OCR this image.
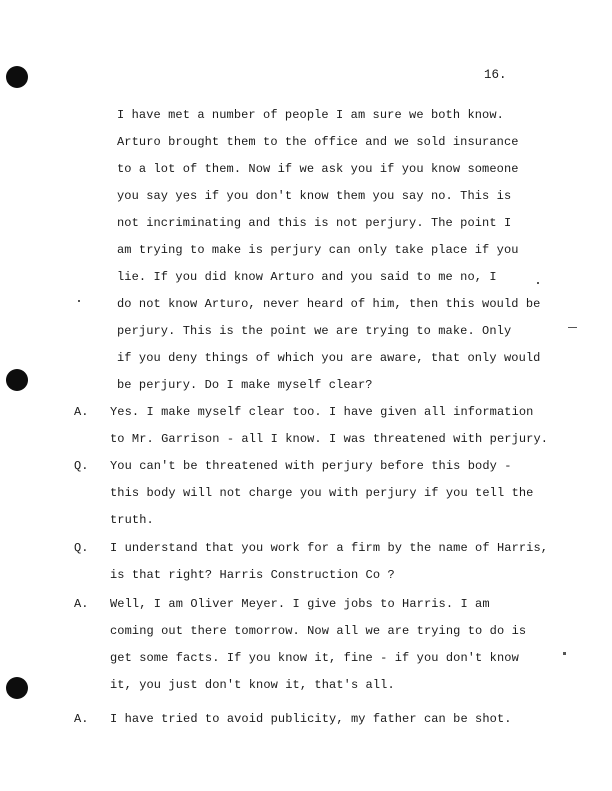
16.
I have met a number of people I am sure we both know.
Arturo brought them to the office and we sold insurance
to a lot of them. Now if we ask you if you know someone
you say yes if you don't know them you say no. This is
not incriminating and this is not perjury. The point I
am trying to make is perjury can only take place if you
lie. If you did know Arturo and you said to me no, I
do not know Arturo, never heard of him, then this would be
perjury. This is the point we are trying to make. Only
if you deny things of which you are aware, that only would
be perjury. Do I make myself clear?
A. Yes. I make myself clear too. I have given all information
to Mr. Garrison - all I know. I was threatened with perjury.
Q. You can't be threatened with perjury before this body -
this body will not charge you with perjury if you tell the
truth.
Q. I understand that you work for a firm by the name of Harris,
is that right? Harris Construction Co ?
A. Well, I am Oliver Meyer. I give jobs to Harris. I am
coming out there tomorrow. Now all we are trying to do is
get some facts. If you know it, fine - if you don't know
it, you just don't know it, that's all.
A. I have tried to avoid publicity, my father can be shot.
